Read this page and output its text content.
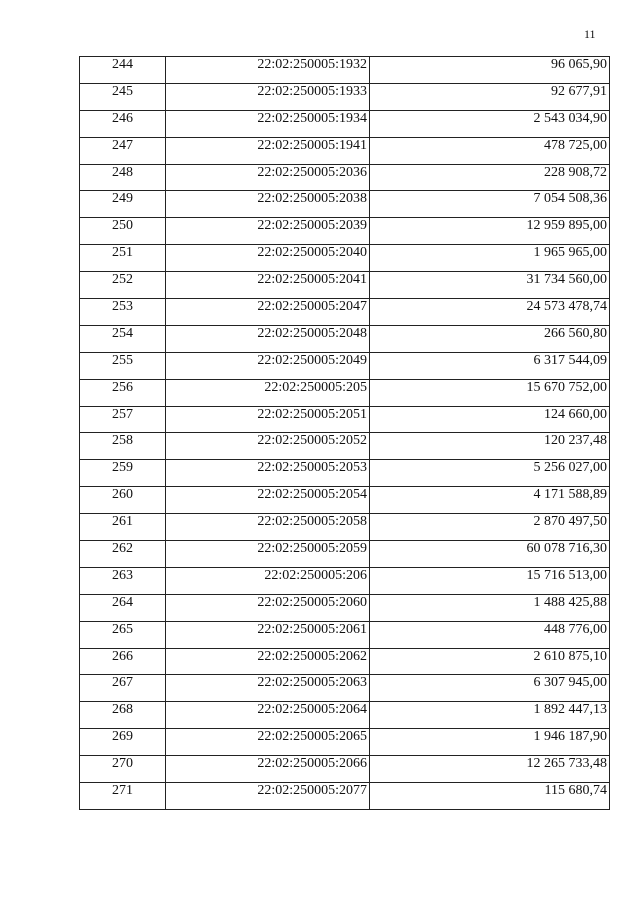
11
244	22:02:250005:1932	96 065,90
245	22:02:250005:1933	92 677,91
246	22:02:250005:1934	2 543 034,90
247	22:02:250005:1941	478 725,00
248	22:02:250005:2036	228 908,72
249	22:02:250005:2038	7 054 508,36
250	22:02:250005:2039	12 959 895,00
251	22:02:250005:2040	1 965 965,00
252	22:02:250005:2041	31 734 560,00
253	22:02:250005:2047	24 573 478,74
254	22:02:250005:2048	266 560,80
255	22:02:250005:2049	6 317 544,09
256	22:02:250005:205	15 670 752,00
257	22:02:250005:2051	124 660,00
258	22:02:250005:2052	120 237,48
259	22:02:250005:2053	5 256 027,00
260	22:02:250005:2054	4 171 588,89
261	22:02:250005:2058	2 870 497,50
262	22:02:250005:2059	60 078 716,30
263	22:02:250005:206	15 716 513,00
264	22:02:250005:2060	1 488 425,88
265	22:02:250005:2061	448 776,00
266	22:02:250005:2062	2 610 875,10
267	22:02:250005:2063	6 307 945,00
268	22:02:250005:2064	1 892 447,13
269	22:02:250005:2065	1 946 187,90
270	22:02:250005:2066	12 265 733,48
271	22:02:250005:2077	115 680,74
